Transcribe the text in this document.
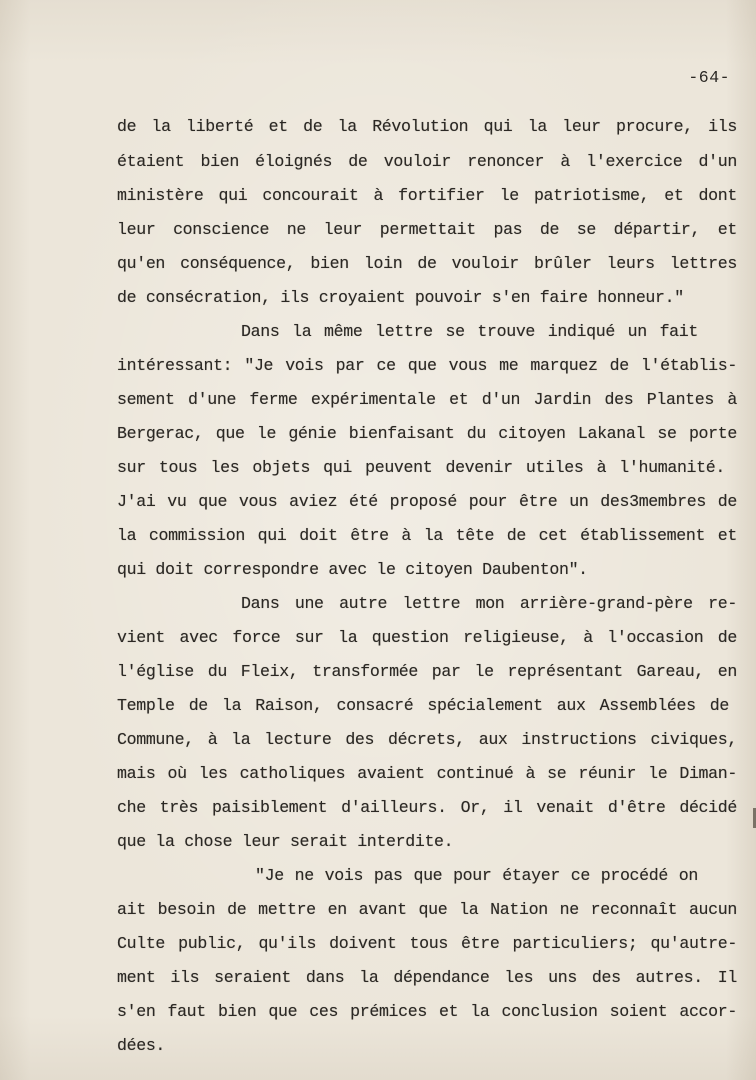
-64-
de la liberté et de la Révolution qui la leur procure, ils
étaient bien éloignés de vouloir renoncer à l'exercice d'un
ministère qui concourait à fortifier le patriotisme, et dont
leur conscience ne leur permettait pas de se départir, et
qu'en conséquence, bien loin de vouloir brûler leurs lettres
de consécration, ils croyaient pouvoir s'en faire honneur."
Dans la même lettre se trouve indiqué un fait
intéressant: "Je vois par ce que vous me marquez de l'établis-
sement d'une ferme expérimentale et d'un Jardin des Plantes à
Bergerac, que le génie bienfaisant du citoyen Lakanal se porte
sur tous les objets qui peuvent devenir utiles à l'humanité.
J'ai vu que vous aviez été proposé pour être un des3membres de
la commission qui doit être à la tête de cet établissement et
qui doit correspondre avec le citoyen Daubenton".
Dans une autre lettre mon arrière-grand-père re-
vient avec force sur la question religieuse, à l'occasion de
l'église du Fleix, transformée par le représentant Gareau, en
Temple de la Raison, consacré spécialement aux Assemblées de
Commune, à la lecture des décrets, aux instructions civiques,
mais où les catholiques avaient continué à se réunir le Diman-
che très paisiblement d'ailleurs. Or, il venait d'être décidé
que la chose leur serait interdite.
"Je ne vois pas que pour étayer ce procédé on
ait besoin de mettre en avant que la Nation ne reconnaît aucun
Culte public, qu'ils doivent tous être particuliers; qu'autre-
ment ils seraient dans la dépendance les uns des autres. Il
s'en faut bien que ces prémices et la conclusion soient accor-
dées.
